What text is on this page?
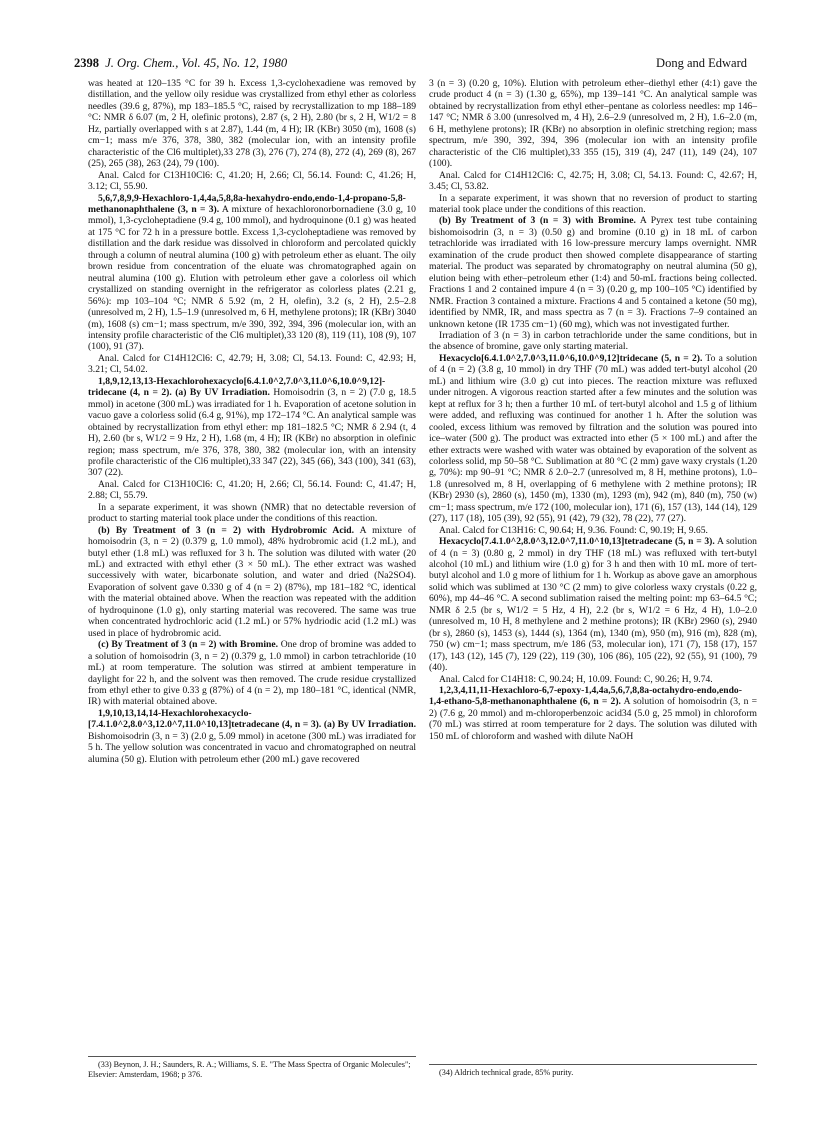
2398 J. Org. Chem., Vol. 45, No. 12, 1980	Dong and Edward

was heated at 120–135 °C for 39 h. Excess 1,3-cyclohexadiene was removed by distillation, and the yellow oily residue was crystallized from ethyl ether as colorless needles (39.6 g, 87%), mp 183–185.5 °C, raised by recrystallization to mp 188–189 °C: NMR δ 6.07 (m, 2 H, olefinic protons), 2.87 (s, 2 H), 2.80 (br s, 2 H, W1/2 = 8 Hz, partially overlapped with s at 2.87), 1.44 (m, 4 H); IR (KBr) 3050 (m), 1608 (s) cm−1; mass m/e 376, 378, 380, 382 (molecular ion, with an intensity profile characteristic of the Cl6 multiplet),33 278 (3), 276 (7), 274 (8), 272 (4), 269 (8), 267 (25), 265 (38), 263 (24), 79 (100).

Anal. Calcd for C13H10Cl6: C, 41.20; H, 2.66; Cl, 56.14. Found: C, 41.26; H, 3.12; Cl, 55.90.

5,6,7,8,9,9-Hexachloro-1,4,4a,5,8,8a-hexahydro-endo,endo-1,4-propano-5,8-methanonaphthalene (3, n = 3). A mixture of hexachloronorbornadiene (3.0 g, 10 mmol), 1,3-cycloheptadiene (9.4 g, 100 mmol), and hydroquinone (0.1 g) was heated at 175 °C for 72 h in a pressure bottle. Excess 1,3-cycloheptadiene was removed by distillation and the dark residue was dissolved in chloroform and percolated quickly through a column of neutral alumina (100 g) with petroleum ether as eluant. The oily brown residue from concentration of the eluate was chromatographed again on neutral alumina (100 g). Elution with petroleum ether gave a colorless oil which crystallized on standing overnight in the refrigerator as colorless plates (2.21 g, 56%): mp 103–104 °C; NMR δ 5.92 (m, 2 H, olefin), 3.2 (s, 2 H), 2.5–2.8 (unresolved m, 2 H), 1.5–1.9 (unresolved m, 6 H, methylene protons); IR (KBr) 3040 (m), 1608 (s) cm−1; mass spectrum, m/e 390, 392, 394, 396 (molecular ion, with an intensity profile characteristic of the Cl6 multiplet),33 120 (8), 119 (11), 108 (9), 107 (100), 91 (37).

Anal. Calcd for C14H12Cl6: C, 42.79; H, 3.08; Cl, 54.13. Found: C, 42.93; H, 3.21; Cl, 54.02.

1,8,9,12,13,13-Hexachlorohexacyclo[6.4.1.0^2,7.0^3,11.0^6,10.0^9,12]-tridecane (4, n = 2). (a) By UV Irradiation. Homoisodrin (3, n = 2) (7.0 g, 18.5 mmol) in acetone (300 mL) was irradiated for 1 h. Evaporation of acetone solution in vacuo gave a colorless solid (6.4 g, 91%), mp 172–174 °C. An analytical sample was obtained by recrystallization from ethyl ether: mp 181–182.5 °C; NMR δ 2.94 (t, 4 H), 2.60 (br s, W1/2 = 9 Hz, 2 H), 1.68 (m, 4 H); IR (KBr) no absorption in olefinic region; mass spectrum, m/e 376, 378, 380, 382 (molecular ion, with an intensity profile characteristic of the Cl6 multiplet),33 347 (22), 345 (66), 343 (100), 341 (63), 307 (22).

Anal. Calcd for C13H10Cl6: C, 41.20; H, 2.66; Cl, 56.14. Found: C, 41.47; H, 2.88; Cl, 55.79.

In a separate experiment, it was shown (NMR) that no detectable reversion of product to starting material took place under the conditions of this reaction.

(b) By Treatment of 3 (n = 2) with Hydrobromic Acid. A mixture of homoisodrin (3, n = 2) (0.379 g, 1.0 mmol), 48% hydrobromic acid (1.2 mL), and butyl ether (1.8 mL) was refluxed for 3 h. The solution was diluted with water (20 mL) and extracted with ethyl ether (3 × 50 mL). The ether extract was washed successively with water, bicarbonate solution, and water and dried (Na2SO4). Evaporation of solvent gave 0.330 g of 4 (n = 2) (87%), mp 181–182 °C, identical with the material obtained above. When the reaction was repeated with the addition of hydroquinone (1.0 g), only starting material was recovered. The same was true when concentrated hydrochloric acid (1.2 mL) or 57% hydriodic acid (1.2 mL) was used in place of hydrobromic acid.

(c) By Treatment of 3 (n = 2) with Bromine. One drop of bromine was added to a solution of homoisodrin (3, n = 2) (0.379 g, 1.0 mmol) in carbon tetrachloride (10 mL) at room temperature. The solution was stirred at ambient temperature in daylight for 22 h, and the solvent was then removed. The crude residue crystallized from ethyl ether to give 0.33 g (87%) of 4 (n = 2), mp 180–181 °C, identical (NMR, IR) with material obtained above.

1,9,10,13,14,14-Hexachlorohexacyclo-[7.4.1.0^2,8.0^3,12.0^7,11.0^10,13]tetradecane (4, n = 3). (a) By UV Irradiation. Bishomoisodrin (3, n = 3) (2.0 g, 5.09 mmol) in acetone (300 mL) was irradiated for 5 h. The yellow solution was concentrated in vacuo and chromatographed on neutral alumina (50 g). Elution with petroleum ether (200 mL) gave recovered

3 (n = 3) (0.20 g, 10%). Elution with petroleum ether–diethyl ether (4:1) gave the crude product 4 (n = 3) (1.30 g, 65%), mp 139–141 °C. An analytical sample was obtained by recrystallization from ethyl ether–pentane as colorless needles: mp 146–147 °C; NMR δ 3.00 (unresolved m, 4 H), 2.6–2.9 (unresolved m, 2 H), 1.6–2.0 (m, 6 H, methylene protons); IR (KBr) no absorption in olefinic stretching region; mass spectrum, m/e 390, 392, 394, 396 (molecular ion with an intensity profile characteristic of the Cl6 multiplet),33 355 (15), 319 (4), 247 (11), 149 (24), 107 (100).

Anal. Calcd for C14H12Cl6: C, 42.75; H, 3.08; Cl, 54.13. Found: C, 42.67; H, 3.45; Cl, 53.82.

In a separate experiment, it was shown that no reversion of product to starting material took place under the conditions of this reaction.

(b) By Treatment of 3 (n = 3) with Bromine. A Pyrex test tube containing bishomoisodrin (3, n = 3) (0.50 g) and bromine (0.10 g) in 18 mL of carbon tetrachloride was irradiated with 16 low-pressure mercury lamps overnight. NMR examination of the crude product then showed complete disappearance of starting material. The product was separated by chromatography on neutral alumina (50 g), elution being with ether–petroleum ether (1:4) and 50-mL fractions being collected. Fractions 1 and 2 contained impure 4 (n = 3) (0.20 g, mp 100–105 °C) identified by NMR. Fraction 3 contained a mixture. Fractions 4 and 5 contained a ketone (50 mg), identified by NMR, IR, and mass spectra as 7 (n = 3). Fractions 7–9 contained an unknown ketone (IR 1735 cm−1) (60 mg), which was not investigated further.

Irradiation of 3 (n = 3) in carbon tetrachloride under the same conditions, but in the absence of bromine, gave only starting material.

Hexacyclo[6.4.1.0^2,7.0^3,11.0^6,10.0^9,12]tridecane (5, n = 2). To a solution of 4 (n = 2) (3.8 g, 10 mmol) in dry THF (70 mL) was added tert-butyl alcohol (20 mL) and lithium wire (3.0 g) cut into pieces. The reaction mixture was refluxed under nitrogen. A vigorous reaction started after a few minutes and the solution was kept at reflux for 3 h; then a further 10 mL of tert-butyl alcohol and 1.5 g of lithium were added, and refluxing was continued for another 1 h. After the solution was cooled, excess lithium was removed by filtration and the solution was poured into ice–water (500 g). The product was extracted into ether (5 × 100 mL) and after the ether extracts were washed with water was obtained by evaporation of the solvent as colorless solid, mp 50–58 °C. Sublimation at 80 °C (2 mm) gave waxy crystals (1.20 g, 70%): mp 90–91 °C; NMR δ 2.0–2.7 (unresolved m, 8 H, methine protons), 1.0–1.8 (unresolved m, 8 H, overlapping of 6 methylene with 2 methine protons); IR (KBr) 2930 (s), 2860 (s), 1450 (m), 1330 (m), 1293 (m), 942 (m), 840 (m), 750 (w) cm−1; mass spectrum, m/e 172 (100, molecular ion), 171 (6), 157 (13), 144 (14), 129 (27), 117 (18), 105 (39), 92 (55), 91 (42), 79 (32), 78 (22), 77 (27).

Anal. Calcd for C13H16: C, 90.64; H, 9.36. Found: C, 90.19; H, 9.65.

Hexacyclo[7.4.1.0^2,8.0^3,12.0^7,11.0^10,13]tetradecane (5, n = 3). A solution of 4 (n = 3) (0.80 g, 2 mmol) in dry THF (18 mL) was refluxed with tert-butyl alcohol (10 mL) and lithium wire (1.0 g) for 3 h and then with 10 mL more of tert-butyl alcohol and 1.0 g more of lithium for 1 h. Workup as above gave an amorphous solid which was sublimed at 130 °C (2 mm) to give colorless waxy crystals (0.22 g, 60%), mp 44–46 °C. A second sublimation raised the melting point: mp 63–64.5 °C; NMR δ 2.5 (br s, W1/2 = 5 Hz, 4 H), 2.2 (br s, W1/2 = 6 Hz, 4 H), 1.0–2.0 (unresolved m, 10 H, 8 methylene and 2 methine protons); IR (KBr) 2960 (s), 2940 (br s), 2860 (s), 1453 (s), 1444 (s), 1364 (m), 1340 (m), 950 (m), 916 (m), 828 (m), 750 (w) cm−1; mass spectrum, m/e 186 (53, molecular ion), 171 (7), 158 (17), 157 (17), 143 (12), 145 (7), 129 (22), 119 (30), 106 (86), 105 (22), 92 (55), 91 (100), 79 (40).

Anal. Calcd for C14H18: C, 90.24; H, 10.09. Found: C, 90.26; H, 9.74.

1,2,3,4,11,11-Hexachloro-6,7-epoxy-1,4,4a,5,6,7,8,8a-octahydro-endo,endo-1,4-ethano-5,8-methanonaphthalene (6, n = 2). A solution of homoisodrin (3, n = 2) (7.6 g, 20 mmol) and m-chloroperbenzoic acid34 (5.0 g, 25 mmol) in chloroform (70 mL) was stirred at room temperature for 2 days. The solution was diluted with 150 mL of chloroform and washed with dilute NaOH

(33) Beynon, J. H.; Saunders, R. A.; Williams, S. E. "The Mass Spectra of Organic Molecules"; Elsevier: Amsterdam, 1968; p 376.	(34) Aldrich technical grade, 85% purity.
